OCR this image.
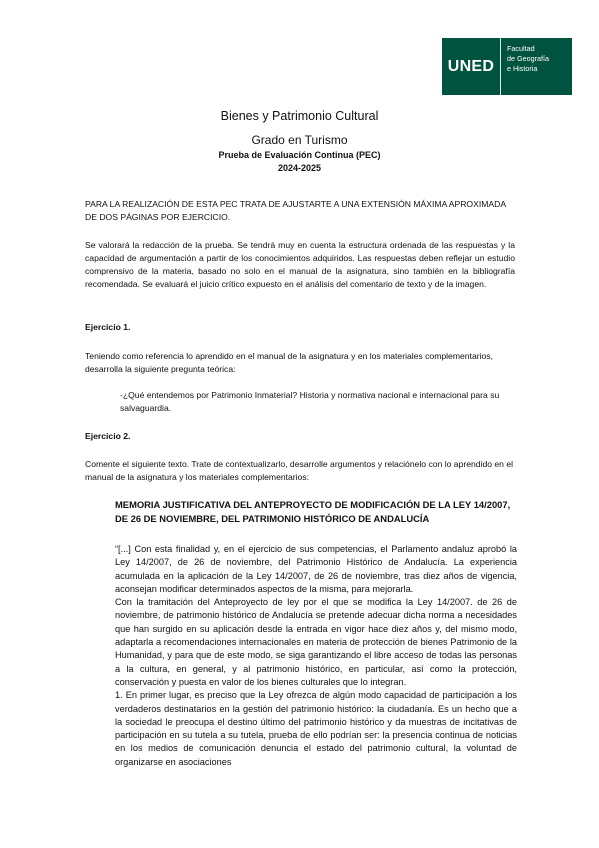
UNED
Facultad
de Geografía
e Historia

Bienes y Patrimonio Cultural

Grado en Turismo

Prueba de Evaluación Continua (PEC)

2024-2025

PARA LA REALIZACIÓN DE ESTA PEC TRATA DE AJUSTARTE A UNA EXTENSIÓN MÁXIMA APROXIMADA DE DOS PÁGINAS POR EJERCICIO.

Se valorará la redacción de la prueba. Se tendrá muy en cuenta la estructura ordenada de las respuestas y la capacidad de argumentación a partir de los conocimientos adquiridos. Las respuestas deben reflejar un estudio comprensivo de la materia, basado no solo en el manual de la asignatura, sino también en la bibliografía recomendada. Se evaluará el juicio crítico expuesto en el análisis del comentario de texto y de la imagen.

Ejercicio 1.

Teniendo como referencia lo aprendido en el manual de la asignatura y en los materiales complementarios, desarrolla la siguiente pregunta teórica:

-¿Qué entendemos por Patrimonio Inmaterial? Historia y normativa nacional e internacional para su salvaguardia.
Ejercicio 2.

Comente el siguiente texto. Trate de contextualizarlo, desarrolle argumentos y relaciónelo con lo aprendido en el manual de la asignatura y los materiales complementarios:

MEMORIA JUSTIFICATIVA DEL ANTEPROYECTO DE MODIFICACIÓN DE LA LEY 14/2007, DE 26 DE NOVIEMBRE, DEL PATRIMONIO HISTÓRICO DE ANDALUCÍA

“[...] Con esta finalidad y, en el ejercicio de sus competencias, el Parlamento andaluz aprobó la Ley 14/2007, de 26 de noviembre, del Patrimonio Histórico de Andalucía. La experiencia acumulada en la aplicación de la Ley 14/2007, de 26 de noviembre, tras diez años de vigencia, aconsejan modificar determinados aspectos de la misma, para mejorarla.

Con la tramitación del Anteproyecto de ley por el que se modifica la Ley 14/2007. de 26 de noviembre, de patrimonio histórico de Andalucía se pretende adecuar dicha norma a necesidades que han surgido en su aplicación desde la entrada en vigor hace diez años y, del mismo modo, adaptarla a recomendaciones internacionales en materia de protección de bienes Patrimonio de la Humanidad, y para que de este modo, se siga garantizando el libre acceso de todas las personas a la cultura, en general, y al patrimonio histórico, en particular, así como la protección, conservación y puesta en valor de los bienes culturales que lo integran.

1. En primer lugar, es preciso que la Ley ofrezca de algún modo capacidad de participación a los verdaderos destinatarios en la gestión del patrimonio histórico: la ciudadanía. Es un hecho que a la sociedad le preocupa el destino último del patrimonio histórico y da muestras de incitativas de participación en su tutela a su tutela, prueba de ello podrían ser: la presencia continua de noticias en los medios de comunicación denuncia el estado del patrimonio cultural, la voluntad de organizarse en asociaciones
